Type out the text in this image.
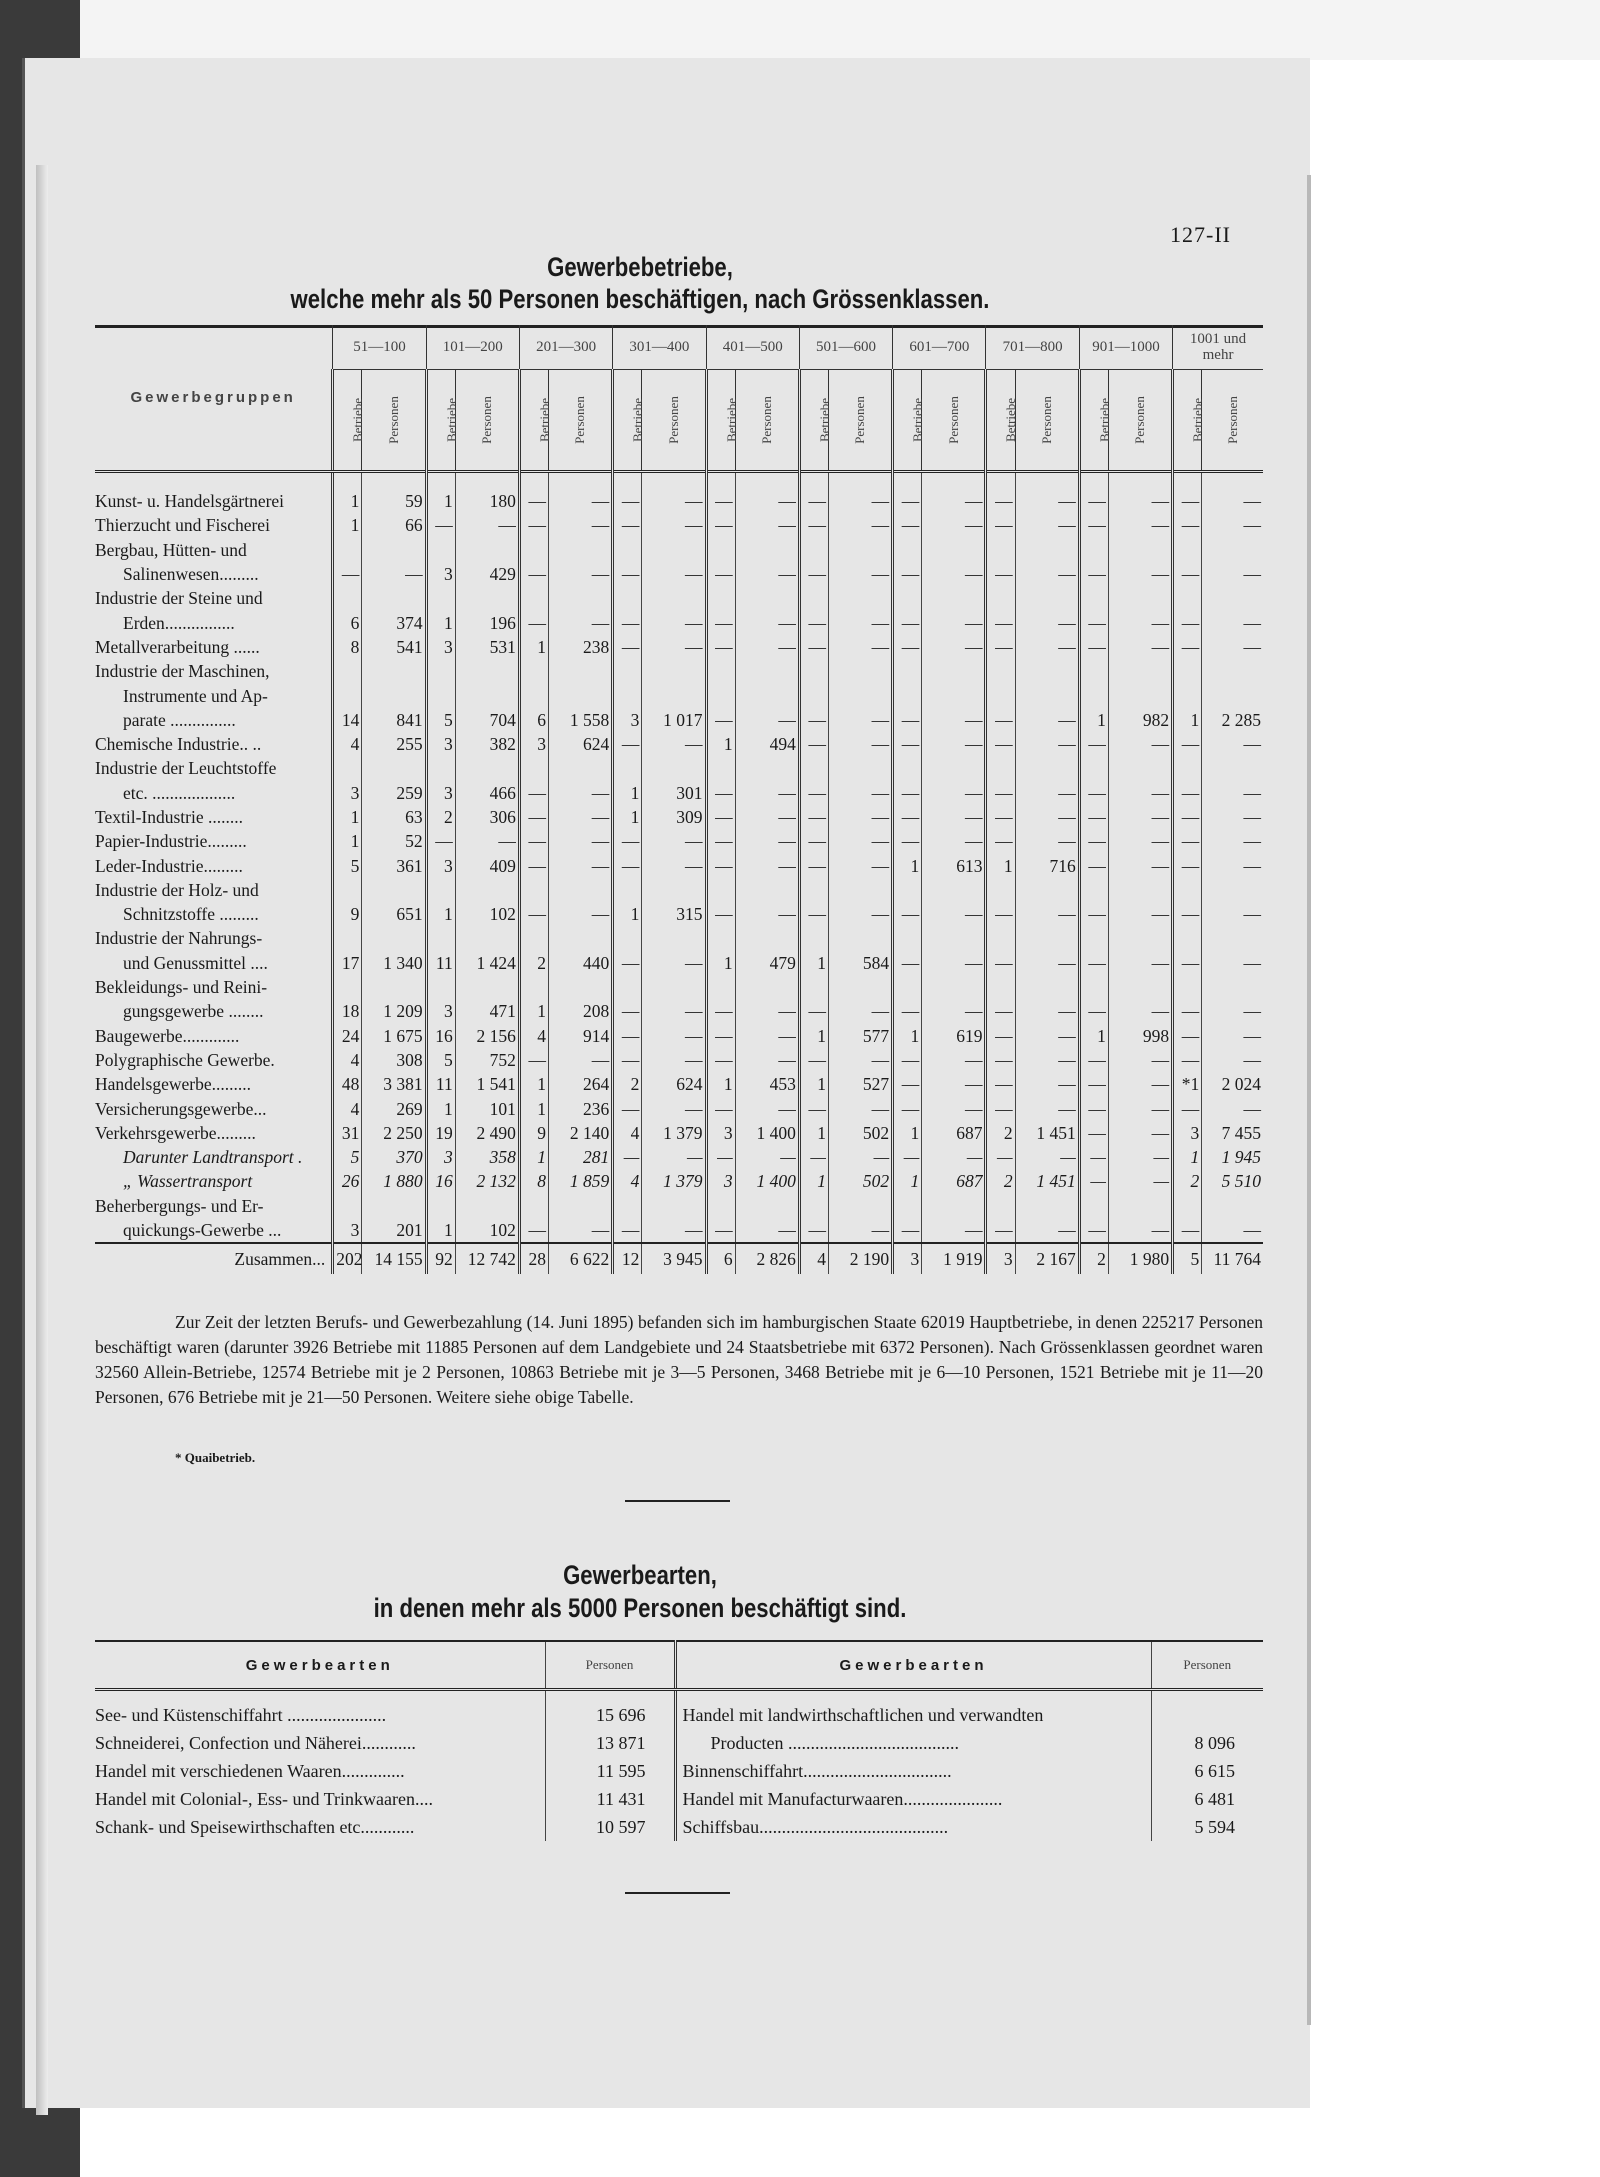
127-II
Gewerbebetriebe,
welche mehr als 50 Personen beschäftigen, nach Grössenklassen.
Gewerbegruppen	51—100		101—200		201—300		301—400		401—500		501—600		601—700		701—800		901—1000		1001 und mehr	
	Betriebe	Personen	Betriebe	Personen	Betriebe	Personen	Betriebe	Personen	Betriebe	Personen	Betriebe	Personen	Betriebe	Personen	Betriebe	Personen	Betriebe	Personen	Betriebe	Personen
Kunst- u. Handelsgärtnerei	1	59	1	180	—	—	—	—	—	—	—	—	—	—	—	—	—	—	—	—
Thierzucht und Fischerei	1	66	—	—	—	—	—	—	—	—	—	—	—	—	—	—	—	—	—	—
Bergbau, Hütten- und																				
Salinenwesen.........	—	—	3	429	—	—	—	—	—	—	—	—	—	—	—	—	—	—	—	—
Industrie der Steine und																				
Erden................	6	374	1	196	—	—	—	—	—	—	—	—	—	—	—	—	—	—	—	—
Metallverarbeitung ......	8	541	3	531	1	238	—	—	—	—	—	—	—	—	—	—	—	—	—	—
Industrie der Maschinen,																				
Instrumente und Ap-																				
parate ...............	14	841	5	704	6	1 558	3	1 017	—	—	—	—	—	—	—	—	1	982	1	2 285
Chemische Industrie.. ..	4	255	3	382	3	624	—	—	1	494	—	—	—	—	—	—	—	—	—	—
Industrie der Leuchtstoffe																				
etc. ...................	3	259	3	466	—	—	1	301	—	—	—	—	—	—	—	—	—	—	—	—
Textil-Industrie ........	1	63	2	306	—	—	1	309	—	—	—	—	—	—	—	—	—	—	—	—
Papier-Industrie.........	1	52	—	—	—	—	—	—	—	—	—	—	—	—	—	—	—	—	—	—
Leder-Industrie.........	5	361	3	409	—	—	—	—	—	—	—	—	1	613	1	716	—	—	—	—
Industrie der Holz- und																				
Schnitzstoffe .........	9	651	1	102	—	—	1	315	—	—	—	—	—	—	—	—	—	—	—	—
Industrie der Nahrungs-																				
und Genussmittel ....	17	1 340	11	1 424	2	440	—	—	1	479	1	584	—	—	—	—	—	—	—	—
Bekleidungs- und Reini-																				
gungsgewerbe ........	18	1 209	3	471	1	208	—	—	—	—	—	—	—	—	—	—	—	—	—	—
Baugewerbe.............	24	1 675	16	2 156	4	914	—	—	—	—	1	577	1	619	—	—	1	998	—	—
Polygraphische Gewerbe.	4	308	5	752	—	—	—	—	—	—	—	—	—	—	—	—	—	—	—	—
Handelsgewerbe.........	48	3 381	11	1 541	1	264	2	624	1	453	1	527	—	—	—	—	—	—	*1	2 024
Versicherungsgewerbe...	4	269	1	101	1	236	—	—	—	—	—	—	—	—	—	—	—	—	—	—
Verkehrsgewerbe.........	31	2 250	19	2 490	9	2 140	4	1 379	3	1 400	1	502	1	687	2	1 451	—	—	3	7 455
Darunter Landtransport .	5	370	3	358	1	281	—	—	—	—	—	—	—	—	—	—	—	—	1	1 945
„ Wassertransport	26	1 880	16	2 132	8	1 859	4	1 379	3	1 400	1	502	1	687	2	1 451	—	—	2	5 510
Beherbergungs- und Er-																				
quickungs-Gewerbe ...	3	201	1	102	—	—	—	—	—	—	—	—	—	—	—	—	—	—	—	—
Zusammen...	202	14 155	92	12 742	28	6 622	12	3 945	6	2 826	4	2 190	3	1 919	3	2 167	2	1 980	5	11 764
Zur Zeit der letzten Berufs- und Gewerbezahlung (14. Juni 1895) befanden sich im hamburgischen Staate 62019 Hauptbetriebe, in denen 225217 Personen beschäftigt waren (darunter 3926 Betriebe mit 11885 Personen auf dem Landgebiete und 24 Staatsbetriebe mit 6372 Personen). Nach Grössenklassen geordnet waren 32560 Allein-Betriebe, 12574 Betriebe mit je 2 Personen, 10863 Betriebe mit je 3—5 Personen, 3468 Betriebe mit je 6—10 Personen, 1521 Betriebe mit je 11—20 Personen, 676 Betriebe mit je 21—50 Personen. Weitere siehe obige Tabelle.
* Quaibetrieb.
Gewerbearten,
in denen mehr als 5000 Personen beschäftigt sind.
Gewerbearten	Personen	Gewerbearten	Personen
See- und Küstenschiffahrt ......................	15 696	Handel mit landwirthschaftlichen und verwandten	
Schneiderei, Confection und Näherei............	13 871	Producten ......................................	8 096
Handel mit verschiedenen Waaren..............	11 595	Binnenschiffahrt.................................	6 615
Handel mit Colonial-, Ess- und Trinkwaaren....	11 431	Handel mit Manufacturwaaren......................	6 481
Schank- und Speisewirthschaften etc............	10 597	Schiffsbau..........................................	5 594
